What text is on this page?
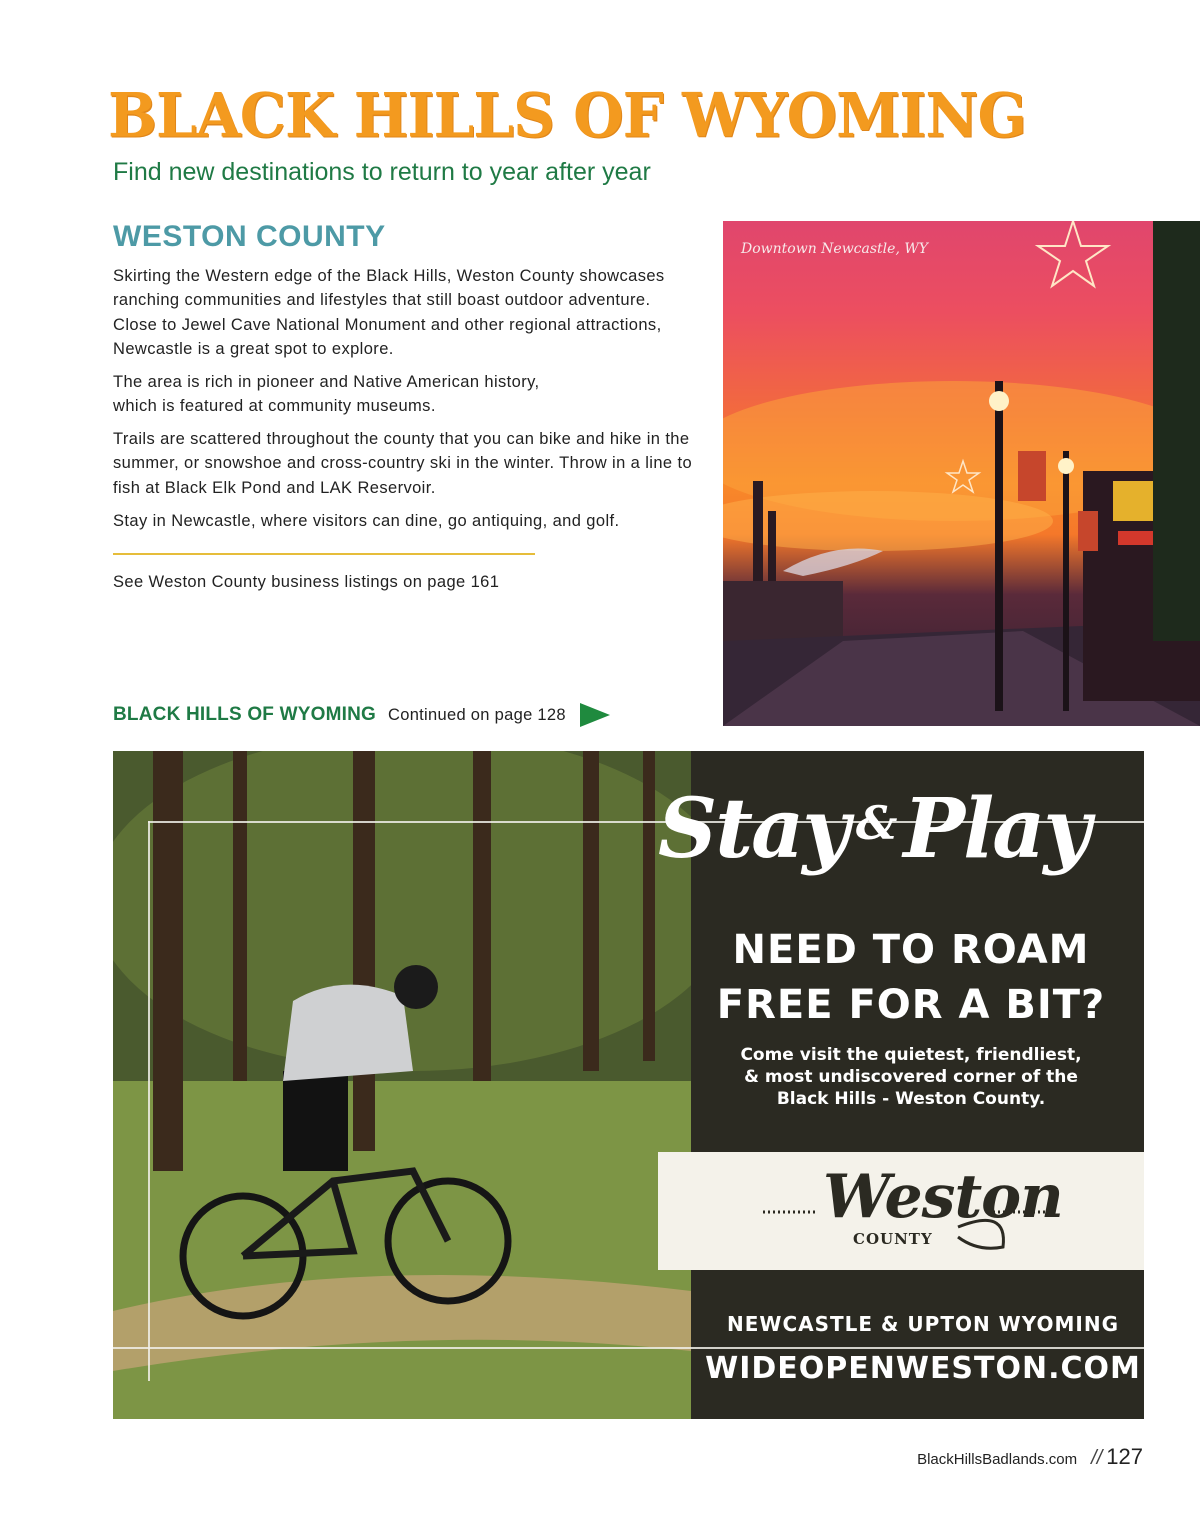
BLACK HILLS OF WYOMING
Find new destinations to return to year after year
WESTON COUNTY

Skirting the Western edge of the Black Hills, Weston County showcases ranching communities and lifestyles that still boast outdoor adventure. Close to Jewel Cave National Monument and other regional attractions, Newcastle is a great spot to explore.

The area is rich in pioneer and Native American history, which is featured at community museums.

Trails are scattered throughout the county that you can bike and hike in the summer, or snowshoe and cross-country ski in the winter. Throw in a line to fish at Black Elk Pond and LAK Reservoir.

Stay in Newcastle, where visitors can dine, go antiquing, and golf.

See Weston County business listings on page 161
BLACK HILLS OF WYOMING Continued on page 128
Downtown Newcastle, WY
Stay &Play
NEED TO ROAM
FREE FOR A BIT?
Come visit the quietest, friendliest,
& most undiscovered corner of the
Black Hills - Weston County.
Weston
COUNTY
NEWCASTLE & UPTON WYOMING
WIDEOPENWESTON.COM
BlackHillsBadlands.com // 127
